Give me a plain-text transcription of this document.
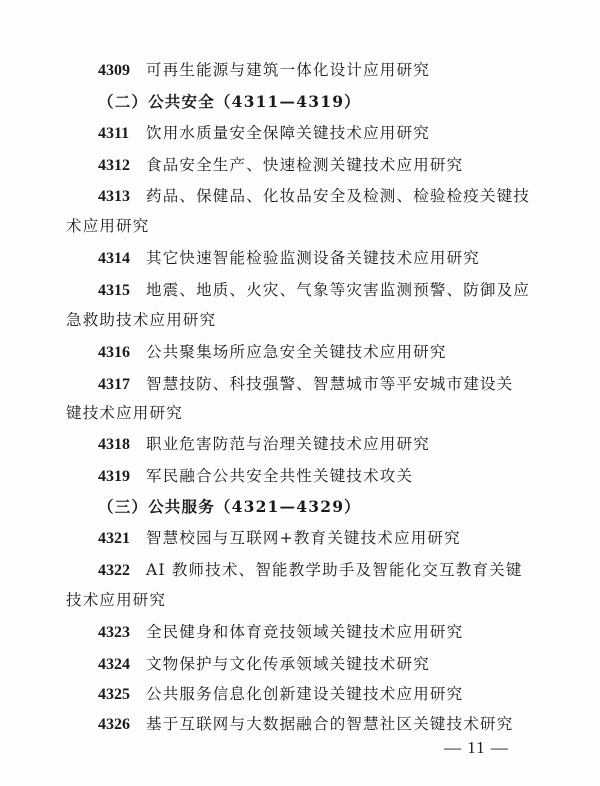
4309 可再生能源与建筑一体化设计应用研究
（二）公共安全（4311—4319）
4311 饮用水质量安全保障关键技术应用研究
4312 食品安全生产、快速检测关键技术应用研究
4313 药品、保健品、化妆品安全及检测、检验检疫关键技
术应用研究
4314 其它快速智能检验监测设备关键技术应用研究
4315 地震、地质、火灾、气象等灾害监测预警、防御及应
急救助技术应用研究
4316 公共聚集场所应急安全关键技术应用研究
4317 智慧技防、科技强警、智慧城市等平安城市建设关
键技术应用研究
4318 职业危害防范与治理关键技术应用研究
4319 军民融合公共安全共性关键技术攻关
（三）公共服务（4321—4329）
4321 智慧校园与互联网+教育关键技术应用研究
4322 AI 教师技术、智能教学助手及智能化交互教育关键
技术应用研究
4323 全民健身和体育竞技领域关键技术应用研究
4324 文物保护与文化传承领域关键技术研究
4325 公共服务信息化创新建设关键技术应用研究
4326 基于互联网与大数据融合的智慧社区关键技术研究
— 11 —
